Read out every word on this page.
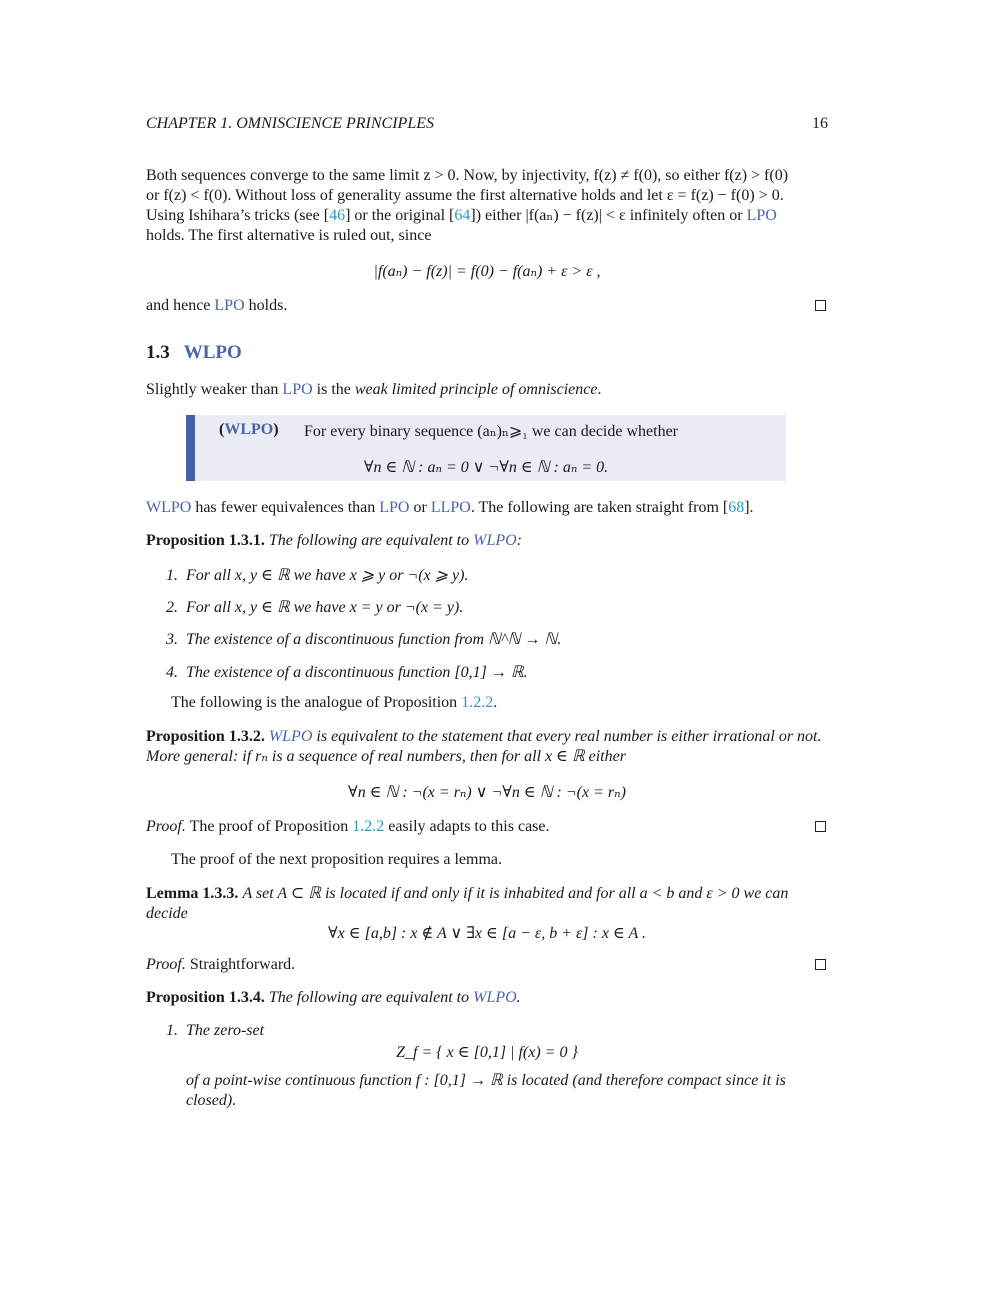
CHAPTER 1. OMNISCIENCE PRINCIPLES	16
Both sequences converge to the same limit z > 0. Now, by injectivity, f(z) ≠ f(0), so either f(z) > f(0)
or f(z) < f(0). Without loss of generality assume the first alternative holds and let ε = f(z) − f(0) > 0.
Using Ishihara’s tricks (see [46] or the original [64]) either |f(aₙ) − f(z)| < ε infinitely often or LPO
holds. The first alternative is ruled out, since
|f(aₙ) − f(z)| = f(0) − f(aₙ) + ε > ε ,
and hence LPO holds.
1.3 WLPO
Slightly weaker than LPO is the weak limited principle of omniscience.
(WLPO) For every binary sequence (aₙ)ₙ⩾₁ we can decide whether
∀n ∈ ℕ : aₙ = 0 ∨ ¬∀n ∈ ℕ : aₙ = 0.
WLPO has fewer equivalences than LPO or LLPO. The following are taken straight from [68].
Proposition 1.3.1. The following are equivalent to WLPO:
1. For all x, y ∈ ℝ we have x ⩾ y or ¬(x ⩾ y).
2. For all x, y ∈ ℝ we have x = y or ¬(x = y).
3. The existence of a discontinuous function from ℕ^ℕ → ℕ.
4. The existence of a discontinuous function [0,1] → ℝ.
The following is the analogue of Proposition 1.2.2.
Proposition 1.3.2. WLPO is equivalent to the statement that every real number is either irrational or not.
More general: if rₙ is a sequence of real numbers, then for all x ∈ ℝ either
∀n ∈ ℕ : ¬(x = rₙ) ∨ ¬∀n ∈ ℕ : ¬(x = rₙ)
Proof. The proof of Proposition 1.2.2 easily adapts to this case.
The proof of the next proposition requires a lemma.
Lemma 1.3.3. A set A ⊂ ℝ is located if and only if it is inhabited and for all a < b and ε > 0 we can
decide
∀x ∈ [a,b] : x ∉ A ∨ ∃x ∈ [a − ε, b + ε] : x ∈ A .
Proof. Straightforward.
Proposition 1.3.4. The following are equivalent to WLPO.
1. The zero-set
Z_f = { x ∈ [0,1] | f(x) = 0 }
of a point-wise continuous function f : [0,1] → ℝ is located (and therefore compact since it is
closed).
